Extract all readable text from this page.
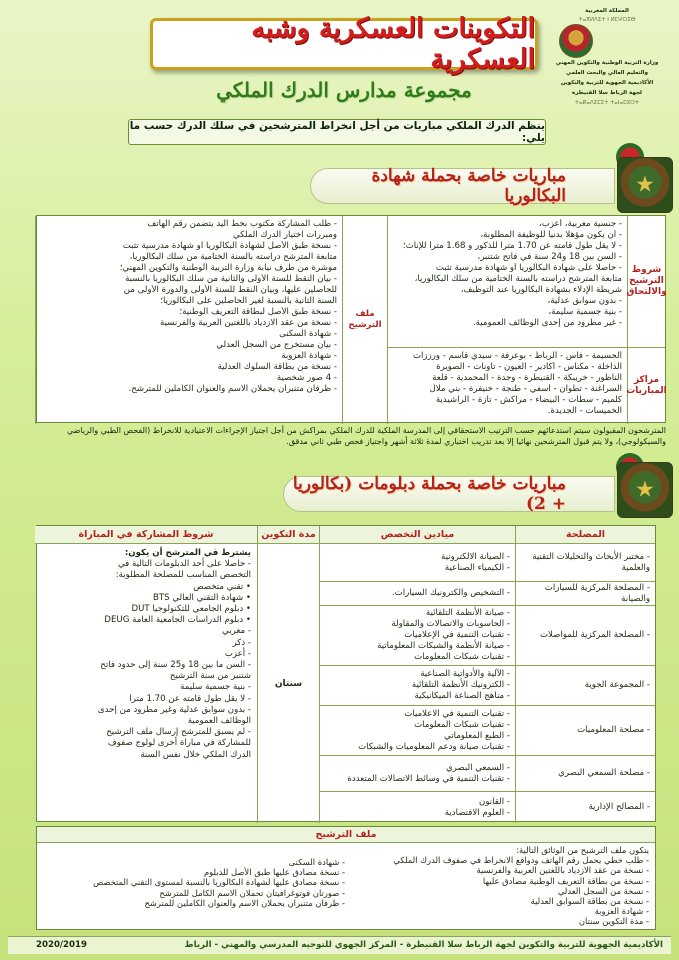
المملكة المغربية
ⵜⴰⴳⵍⴷⵉⵜ ⵏ ⵍⵎⵖⵔⵉⴱ
وزارة التربية الوطنية والتكوين المهني
والتعليم العالي والبحث العلمي
الأكاديمية الجهوية للتربية والتكوين
لجهة الرباط سلا القنيطرة
ⵜⴰⴽⴰⴷⵉⵎⵉⵜ ⵜⴰⵏⴰⵎⵓⵔⵜ
التكوينات العسكرية وشبه العسكرية
مجموعة مدارس الدرك الملكي
ينظم الدرك الملكي مباريات من أجل انخراط المترشحين في سلك الدرك حسب ما يلي:
★
مباريات خاصة بحملة شهادة البكالوريا
شروط الترشيح والالتحاق
مراكز المباريات
- جنسية مغربية، أعزب،
- أن يكون مؤهلا بدنيا للوظيفة المطلوبة،
- لا يقل طول قامته عن 1.70 مترا للذكور و 1.68 مترا للإناث؛
- السن بين 18 و24 سنة في فاتح شتنبر،
- حاصلا على شهادة البكالوريا أو شهادة مدرسية تثبت
متابعة المترشح دراسته بالسنة الختامية من سلك البكالوريا،
شريطة الإدلاء بشهادة البكالوريا عند التوظيف،
- بدون سوابق عدلية،
- بنية جسمية سليمة،
- غير مطرود من إحدى الوظائف العمومية.
الحسيمة - فاس - الرباط - بوعرفة - سيدي قاسم - ورززات
الداخلة - مكناس - أكادير - العيون - تاونات - الصويرة
الناظور - خريبكة - القنيطرة - وجدة - المحمدية - قلعة
السراغنة - تطوان - أسفي - طنجة - خنيفرة - بني ملال
كلميم - سطات - البيضاء - مراكش - تازة - الراشيدية
الخميسات - الجديدة.
ملف الترشيح
- طلب المشاركة مكتوب بخط اليد يتضمن رقم الهاتف
ومبررات اختيار الدرك الملكي
- نسخة طبق الأصل لشهادة البكالوريا أو شهادة مدرسية تثبت
متابعة المترشح دراسته بالسنة الختامية من سلك البكالوريا،
موشرة من طرف نيابة وزارة التربية الوطنية والتكوين المهني؛
- بيان النقط للسنة الأولى والثانية من سلك البكالوريا بالنسبة
للحاصلين عليها، وبيان النقط للسنة الأولى والدورة الأولى من
السنة الثانية بالنسبة لغير الحاصلين على البكالوريا؛
- نسخة طبق الأصل لبطاقة التعريف الوطنية؛
- نسخة من عقد الازدياد باللغتين العربية والفرنسية
- شهادة السكنى
- بيان مستخرج من السجل العدلي
- شهادة العزوبة
- نسخة من بطاقة السلوك العدلية
- 4 صور شخصية
- ظرفان متنبران يحملان الاسم والعنوان الكاملين للمترشح.
المترشحون المقبولون سيتم استدعائهم حسب الترتيب الاستحقاقي إلى المدرسة الملكية للدرك الملكي بمراكش من أجل اجتياز الإجراءات الاعتيادية للانخراط (الفحص الطبي والرياضي والسيكولوجي)، ولا يتم قبول المترشحين نهائيا إلا بعد تدريب اختباري لمدة ثلاثة أشهر واجتياز فحص طبي ثاني مدقق.
★
مباريات خاصة بحملة دبلومات (بكالوريا + 2)
المصلحة
ميادين التخصص
مدة التكوين
شروط المشاركة في المباراة
- مختبر الأبحاث والتحليلات التقنية والعلمية
- الصيانة الالكترونية
- الكيمياء الصناعية
- المصلحة المركزية للسيارات والصيانة
- التشخيص والكترونيك السيارات.
- المصلحة المركزية للمواصلات
- صيانة الأنظمة التلقائية
- الحاسوبات والاتصالات والمقاولة
- تقنيات التنمية في الإعلاميات
- صيانة الأنظمة والشبكات المعلوماتية
- تقنيات شبكات المعلومات
- المجموعة الجوية
- الآلية والأدواتية الصناعية
- الكترونيك الأنظمة التلقائية
- مناهج الصناعة الميكانيكية
- مصلحة المعلوميات
- تقنيات التنمية في الاعلاميات
- تقنيات شبكات المعلومات
- الطبع المعلوماتي
- تقنيات صيانة ودعم المعلوميات والشبكات
- مصلحة السمعي البصري
- السمعي البصري
- تقنيات التنمية في وسائط الاتصالات المتعددة
- المصالح الإدارية
- القانون
- العلوم الاقتصادية
سنتان
يشترط في المترشح أن يكون:
- حاصلا على أحد الدبلومات التالية في
التخصص المناسب للمصلحة المطلوبة:
• تقني متخصص
• شهادة التقني العالي BTS
• دبلوم الجامعي للتكنولوجيا DUT
• دبلوم الدراسات الجامعية العامة DEUG
- مغربي
- ذكر
- أعزب
- السن ما بين 18 و25 سنة إلى حدود فاتح
شتنبر من سنة الترشيح
- بنية جسمية سليمة
- لا يقل طول قامته عن 1.70 مترا
- بدون سوابق عدلية وغير مطرود من إحدى
الوظائف العمومية
- لم يسبق للمترشح إرسال ملف الترشيح
للمشاركة في مباراة أخرى لولوج صفوف
الدرك الملكي خلال نفس السنة
ملف الترشيح
يتكون ملف الترشيح من الوثائق التالية:
- طلب خطي يحمل رقم الهاتف ودوافع الانخراط في صفوف الدرك الملكي
- نسخة من عقد الازدياد باللغتين العربية والفرنسية
- نسخة من بطاقة التعريف الوطنية مصادق عليها
- نسخة من السجل العدلي
- نسخة من بطاقة السوابق العدلية
- شهادة العزوبة
- مدة التكوين سنتان
- شهادة السكنى
- نسخة مصادق عليها طبق الأصل للدبلوم
- نسخة مصادق عليها لشهادة البكالوريا بالنسبة لمستوى التقني المتخصص
- صورتان فوتوغرافيتان تحملان الاسم الكامل للمترشح
- ظرفان متنبران يحملان الاسم والعنوان الكاملين للمترشح
الأكاديمية الجهوية للتربية والتكوين لجهة الرباط سلا القنيطرة - المركز الجهوي للتوجيه المدرسي والمهني - الرباط
2020/2019
